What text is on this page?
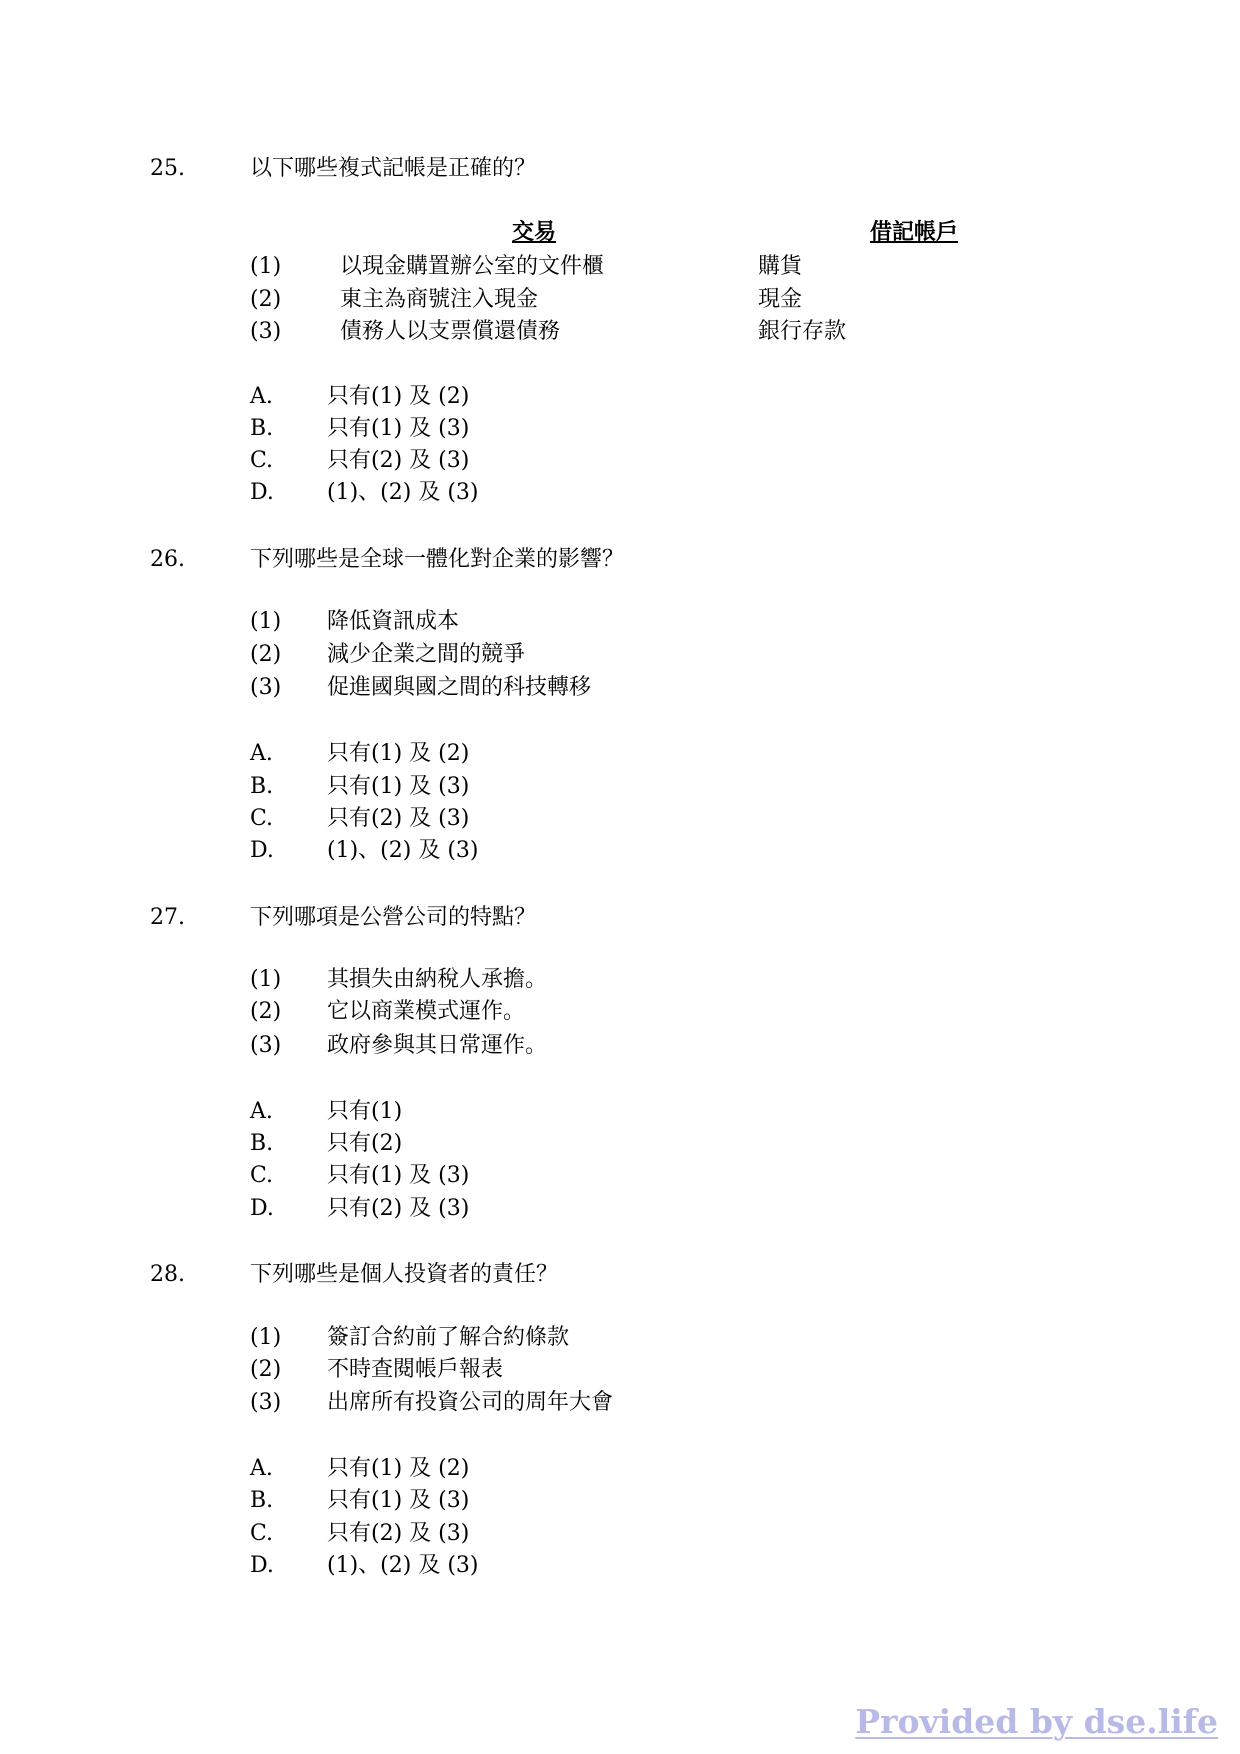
25.	以下哪些複式記帳是正確的？
交易	借記帳戶
(1)	以現金購置辦公室的文件櫃	購貨
(2)	東主為商號注入現金	現金
(3)	債務人以支票償還債務	銀行存款
A. 只有(1) 及 (2)
B. 只有(1) 及 (3)
C. 只有(2) 及 (3)
D. (1)、(2) 及 (3)
26.	下列哪些是全球一體化對企業的影響？
(1) 降低資訊成本
(2) 減少企業之間的競爭
(3) 促進國與國之間的科技轉移
A. 只有(1) 及 (2)
B. 只有(1) 及 (3)
C. 只有(2) 及 (3)
D. (1)、(2) 及 (3)
27.	下列哪項是公營公司的特點？
(1) 其損失由納稅人承擔。
(2) 它以商業模式運作。
(3) 政府參與其日常運作。
A. 只有(1)
B. 只有(2)
C. 只有(1) 及 (3)
D. 只有(2) 及 (3)
28.	下列哪些是個人投資者的責任？
(1) 簽訂合約前了解合約條款
(2) 不時查閱帳戶報表
(3) 出席所有投資公司的周年大會
A. 只有(1) 及 (2)
B. 只有(1) 及 (3)
C. 只有(2) 及 (3)
D. (1)、(2) 及 (3)
Provided by dse.life
